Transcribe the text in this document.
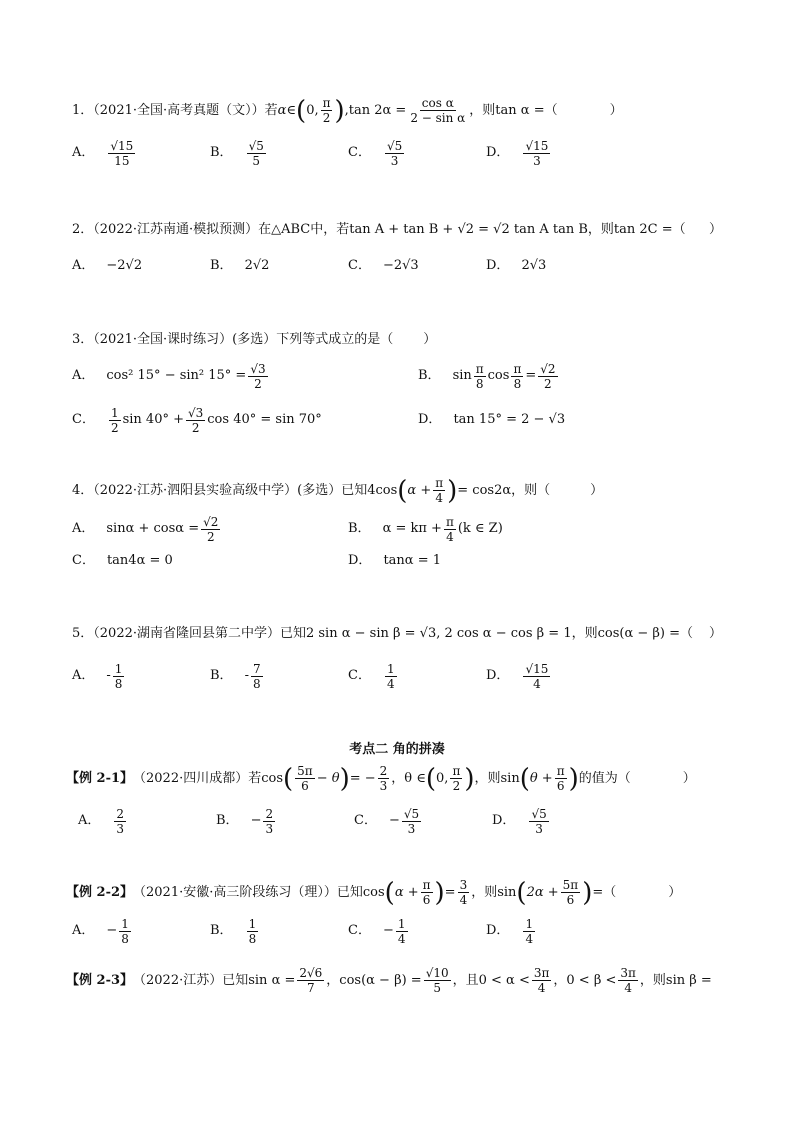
1．（2021·全国·高考真题（文））若 α∈ ( 0, $\frac{\pi}{2}$ ) ,tan $2\alpha = \frac{\text{cos α}}{\text{2 − sin α}}$ ，则tan α =（	）
A． $\frac{√15}{15}$	B． $\frac{√5}{5}$	C． $\frac{√5}{3}$	D． $\frac{√15}{3}$
2．（2022·江苏南通·模拟预测）在△ABC中，若tan A + tan B + √2 = √2 tan A tan B，则tan 2C =（ ）
A． −2√2	B． 2√2	C． −2√3	D． 2√3
3．（2021·全国·课时练习）(多选）下列等式成立的是（ ）
A． cos² 15° − sin² $15^\circ = \frac{√3}{2}$	B． $\sin \frac{\pi}{8}$ $\cos \frac{\pi}{8} = \frac{√2}{2}$
C． $\frac{1}{2}$ $\sin 40^\circ + \frac{√3}{2}$ cos 40° = sin 70°	D． tan 15° = 2 − √3
4．（2022·江苏·泗阳县实验高级中学）(多选）已知4cos ( $\alpha + \frac{\pi}{4}$ ) = cos2α，则（	）
A． $\sin\alpha + \cos\alpha = \frac{√2}{2}$	B． $\alpha = k\pi + \frac{\pi}{4} (k$ ∈ Z)
C． tan4α = 0	D． tanα = 1
5．（2022·湖南省隆回县第二中学）已知2 sin α − sin β = √3, 2 cos α − cos β = 1，则cos(α − β) =（ ）
A． - $\frac{1}{8}$	B． - $\frac{7}{8}$	C． $\frac{1}{4}$	D． $\frac{√15}{4}$
考点二 角的拼凑
【例 2-1】 （2022·四川成都）若cos ( $\frac{5\pi}{6} - \theta$ ) = − $\frac{2}{3}$ ，θ ∈ ( 0, $\frac{\pi}{2}$ ) ，则sin ( $\theta + \frac{\pi}{6}$ ) 的值为（	）
A． $\frac{2}{3}$	B． − $\frac{2}{3}$	C． − $\frac{√5}{3}$	D． $\frac{√5}{3}$
【例 2-2】 （2021·安徽·高三阶段练习（理））已知cos ( $\alpha + \frac{\pi}{6}$ ) = $\frac{3}{4}$ ，则sin ( $2\alpha + \frac{5\pi}{6}$ ) =（	）
A． − $\frac{1}{8}$	B． $\frac{1}{8}$	C． − $\frac{1}{4}$	D． $\frac{1}{4}$
【例 2-3】 （2022·江苏）已知$\sin \alpha = \frac{2√6}{7}$ ，$\cos(\alpha - \beta) = \frac{√10}{5}$ ，且$0 < \alpha < \frac{3\pi}{4}$ ，$0 < \beta < \frac{3\pi}{4}$ ，则sin β =
